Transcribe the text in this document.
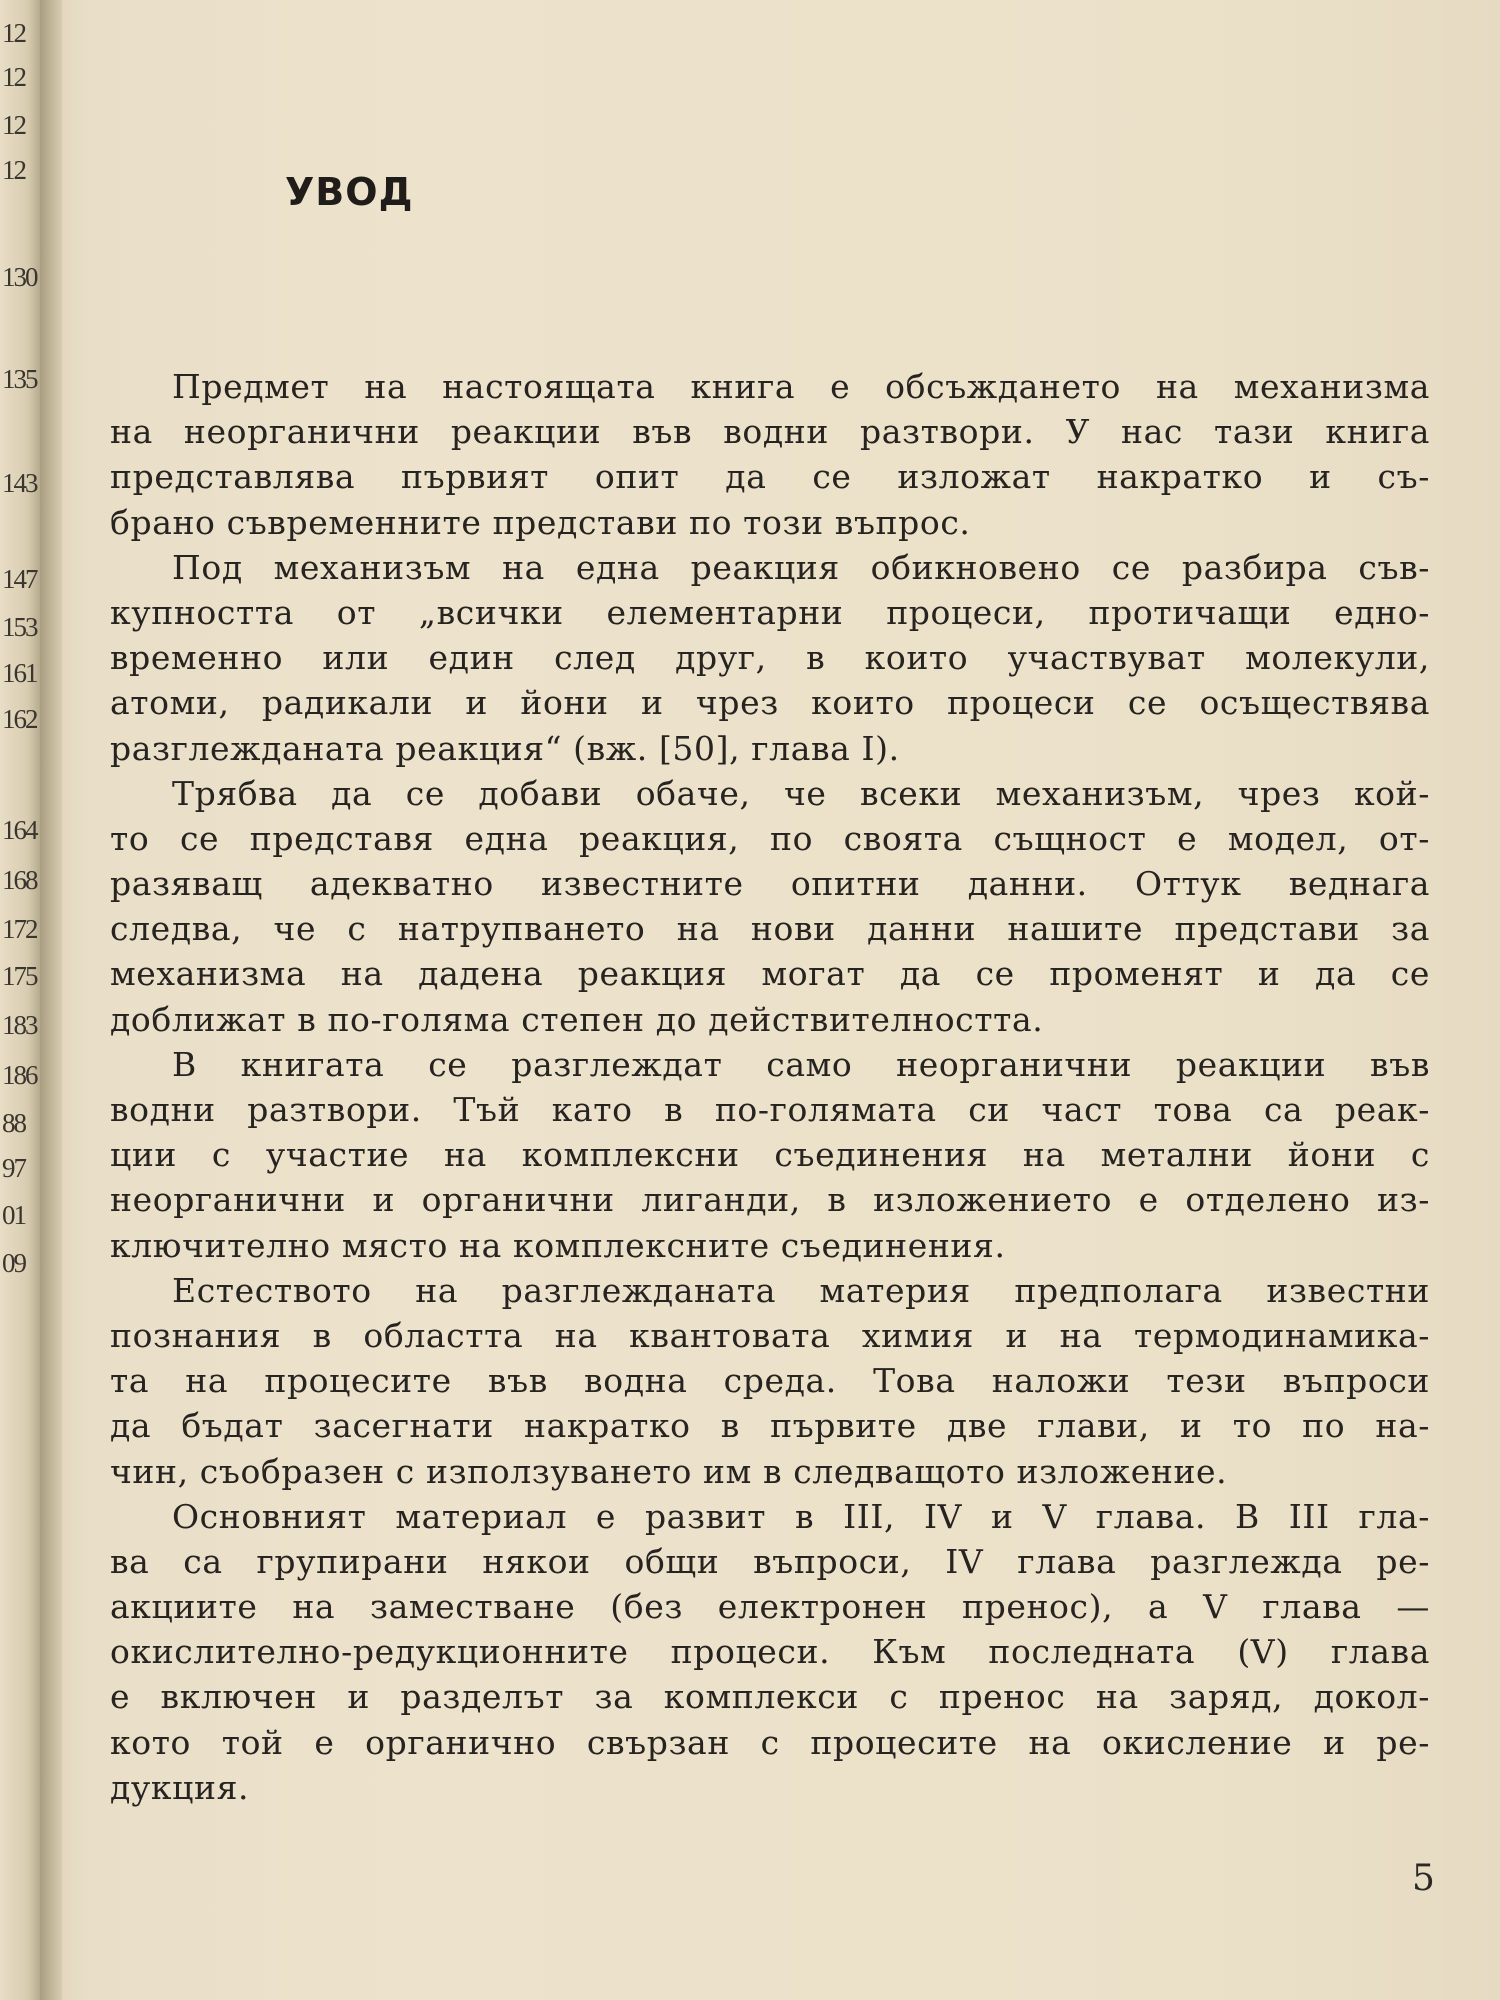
12
12
12
12
130
135
143
147
153
161
162
164
168
172
175
183
186
88
97
01
09
УВОД
Предмет на настоящата книга е обсъждането на механизма
на неорганични реакции във водни разтвори. У нас тази книга
представлява първият опит да се изложат накратко и съ-
брано съвременните представи по този въпрос.
Под механизъм на една реакция обикновено се разбира съв-
купността от „всички елементарни процеси, протичащи едно-
временно или един след друг, в които участвуват молекули,
атоми, радикали и йони и чрез които процеси се осъществява
разглежданата реакция“ (вж. [50], глава I).
Трябва да се добави обаче, че всеки механизъм, чрез кой-
то се представя една реакция, по своята същност е модел, от-
разяващ адекватно известните опитни данни. Оттук веднага
следва, че с натрупването на нови данни нашите представи за
механизма на дадена реакция могат да се променят и да се
доближат в по-голяма степен до действителността.
В книгата се разглеждат само неорганични реакции във
водни разтвори. Тъй като в по-голямата си част това са реак-
ции с участие на комплексни съединения на метални йони с
неорганични и органични лиганди, в изложението е отделено из-
ключително място на комплексните съединения.
Естеството на разглежданата материя предполага известни
познания в областта на квантовата химия и на термодинамика-
та на процесите във водна среда. Това наложи тези въпроси
да бъдат засегнати накратко в първите две глави, и то по на-
чин, съобразен с използуването им в следващото изложение.
Основният материал е развит в III, IV и V глава. В III гла-
ва са групирани някои общи въпроси, IV глава разглежда ре-
акциите на заместване (без електронен пренос), а V глава —
окислително-редукционните процеси. Към последната (V) глава
е включен и разделът за комплекси с пренос на заряд, докол-
кото той е органично свързан с процесите на окисление и ре-
дукция.
5
